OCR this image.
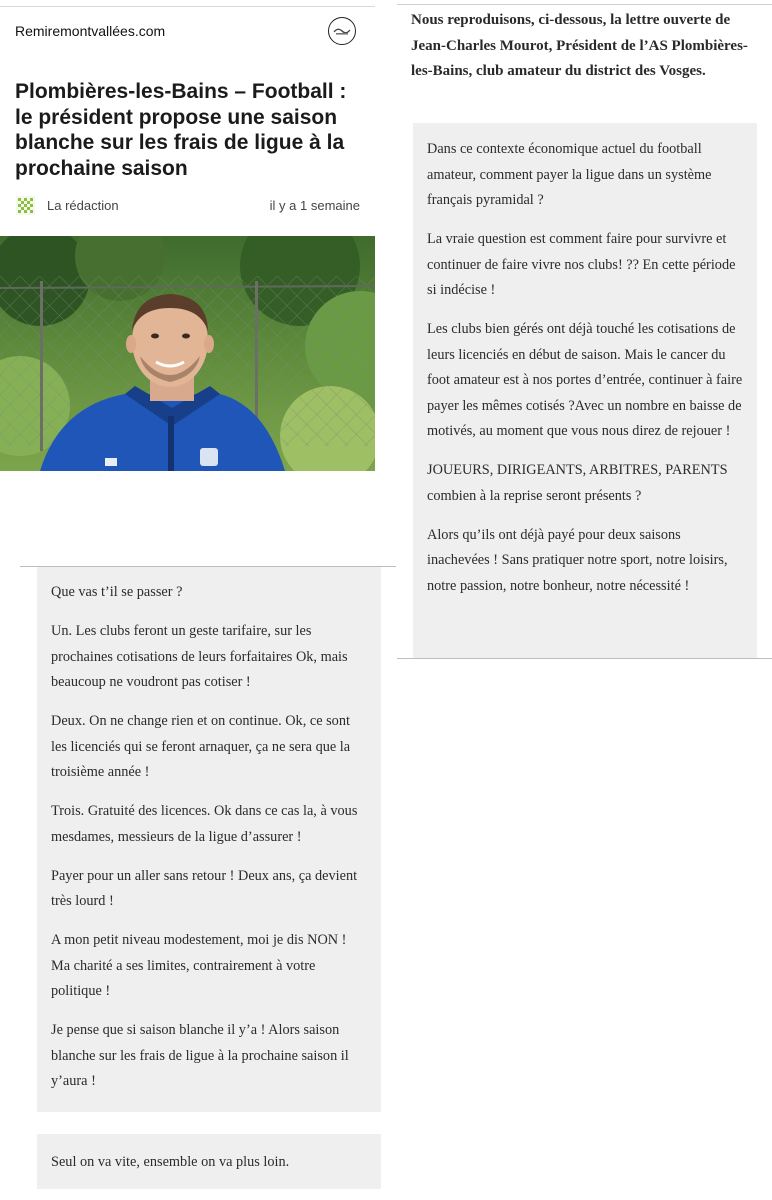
Remiremontvallées.com
Plombières-les-Bains – Football : le président propose une saison blanche sur les frais de ligue à la prochaine saison
La rédaction	il y a 1 semaine

Nous reproduisons, ci-dessous, la lettre ouverte de Jean-Charles Mourot, Président de l’AS Plombières-les-Bains, club amateur du district des Vosges.

Dans ce contexte économique actuel du football amateur, comment payer la ligue dans un système français pyramidal ?

La vraie question est comment faire pour survivre et continuer de faire vivre nos clubs! ?? En cette période si indécise !

Les clubs bien gérés ont déjà touché les cotisations de leurs licenciés en début de saison. Mais le cancer du foot amateur est à nos portes d’entrée, continuer à faire payer les mêmes cotisés ?Avec un nombre en baisse de motivés, au moment que vous nous direz de rejouer !

JOUEURS, DIRIGEANTS, ARBITRES, PARENTS combien à la reprise seront présents ?

Alors qu’ils ont déjà payé pour deux saisons inachevées ! Sans pratiquer notre sport, notre loisirs, notre passion, notre bonheur, notre nécessité !

Que vas t’il se passer ?

Un. Les clubs feront un geste tarifaire, sur les prochaines cotisations de leurs forfaitaires Ok, mais beaucoup ne voudront pas cotiser !

Deux. On ne change rien et on continue. Ok, ce sont les licenciés qui se feront arnaquer, ça ne sera que la troisième année !

Trois. Gratuité des licences. Ok dans ce cas la, à vous mesdames, messieurs de la ligue d’assurer !

Payer pour un aller sans retour ! Deux ans, ça devient très lourd !

A mon petit niveau modestement, moi je dis NON ! Ma charité a ses limites, contrairement à votre politique !

Je pense que si saison blanche il y’a ! Alors saison blanche sur les frais de ligue à la prochaine saison il y’aura !

Seul on va vite, ensemble on va plus loin.
